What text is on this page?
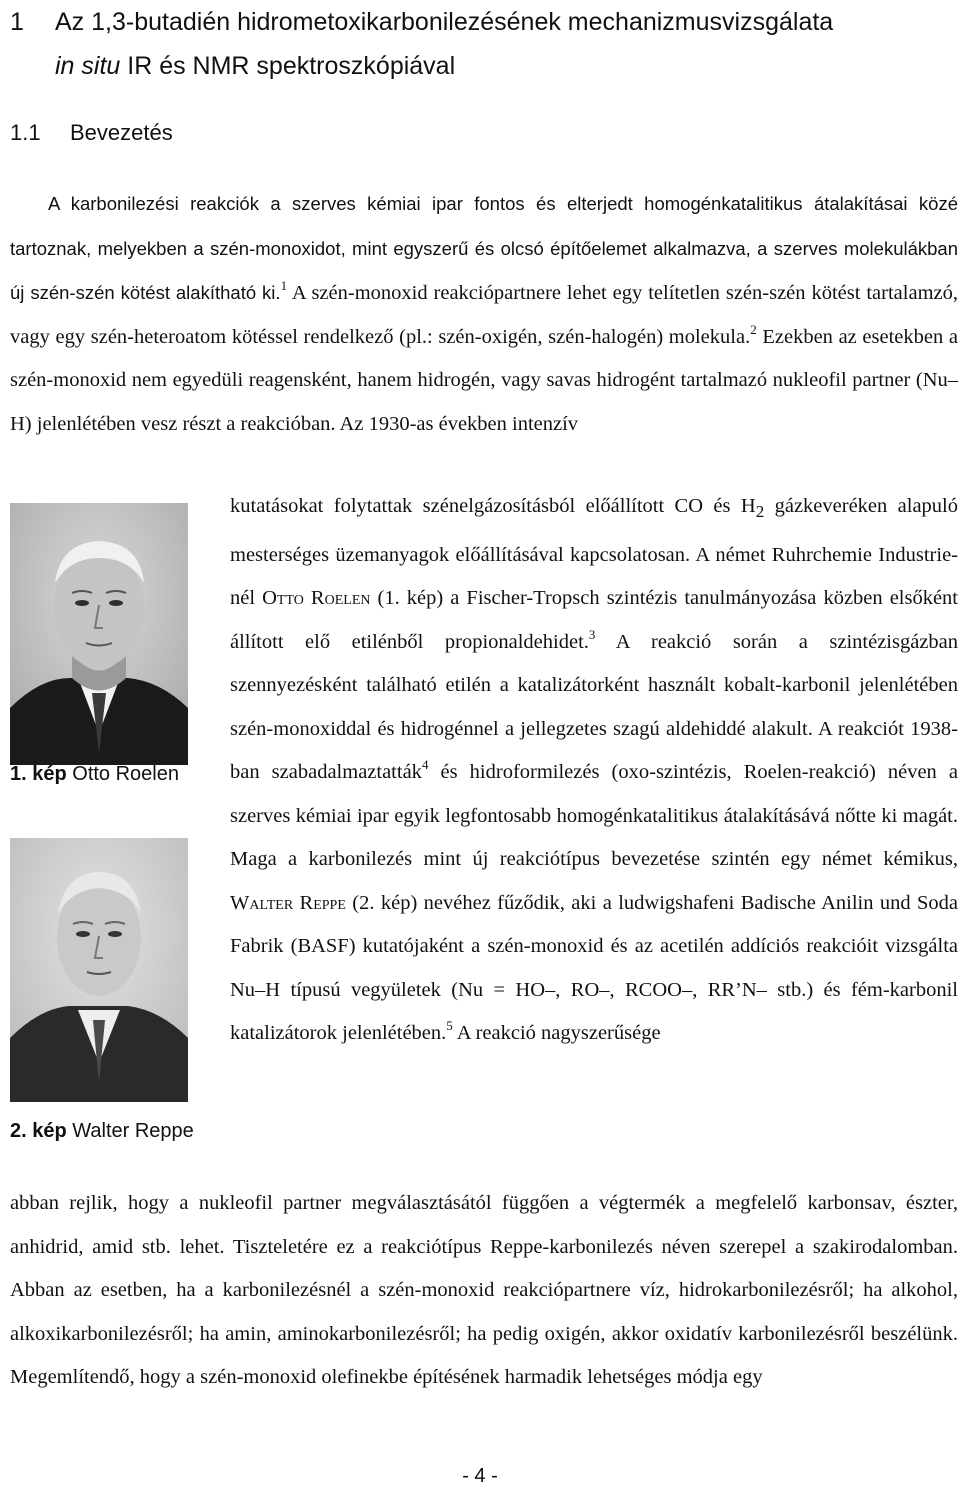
1 Az 1,3-butadién hidrometoxikarbonilezésének mechanizmusvizsgálata
in situ IR és NMR spektroszkópiával
1.1 Bevezetés

A karbonilezési reakciók a szerves kémiai ipar fontos és elterjedt homogénkatalitikus átalakításai közé tartoznak, melyekben a szén-monoxidot, mint egyszerű és olcsó építőelemet alkalmazva, a szerves molekulákban új szén-szén kötést alakítható ki.$^1$ A szén-monoxid reakciópartnere lehet egy telítetlen szén-szén kötést tartalamzó, vagy egy szén-heteroatom kötéssel rendelkező (pl.: szén-oxigén, szén-halogén) molekula.$^2$ Ezekben az esetekben a szén-monoxid nem egyedüli reagensként, hanem hidrogén, vagy savas hidrogént tartalmazó nukleofil partner (Nu–H) jelenlétében vesz részt a reakcióban. Az 1930-as években intenzív

1. kép Otto Roelen
2. kép Walter Reppe

kutatásokat folytattak szénelgázosításból előállított CO és $H_2$ gázkeveréken alapuló mesterséges üzemanyagok előállításával kapcsolatosan. A német Ruhrchemie Industrie-nél Otto Roelen (1. kép) a Fischer-Tropsch szintézis tanulmányozása közben elsőként állított elő etilénből propionaldehidet.$^3$ A reakció során a szintézisgázban szennyezésként található etilén a katalizátorként használt kobalt-karbonil jelenlétében szén-monoxiddal és hidrogénnel a jellegzetes szagú aldehiddé alakult. A reakciót 1938-ban szabadalmaztatták$^4$ és hidroformilezés (oxo-szintézis, Roelen-reakció) néven a szerves kémiai ipar egyik legfontosabb homogénkatalitikus átalakításává nőtte ki magát. Maga a karbonilezés mint új reakciótípus bevezetése szintén egy német kémikus, Walter Reppe (2. kép) nevéhez fűződik, aki a ludwigshafeni Badische Anilin und Soda Fabrik (BASF) kutatójaként a szén-monoxid és az acetilén addíciós reakcióit vizsgálta Nu–H típusú vegyületek (Nu = HO–, RO–, RCOO–, RR’N– stb.) és fém-karbonil katalizátorok jelenlétében.$^5$ A reakció nagyszerűsége

abban rejlik, hogy a nukleofil partner megválasztásától függően a végtermék a megfelelő karbonsav, észter, anhidrid, amid stb. lehet. Tiszteletére ez a reakciótípus Reppe-karbonilezés néven szerepel a szakirodalomban. Abban az esetben, ha a karbonilezésnél a szén-monoxid reakciópartnere víz, hidrokarbonilezésről; ha alkohol, alkoxikarbonilezésről; ha amin, aminokarbonilezésről; ha pedig oxigén, akkor oxidatív karbonilezésről beszélünk. Megemlítendő, hogy a szén-monoxid olefinekbe építésének harmadik lehetséges módja egy

- 4 -
